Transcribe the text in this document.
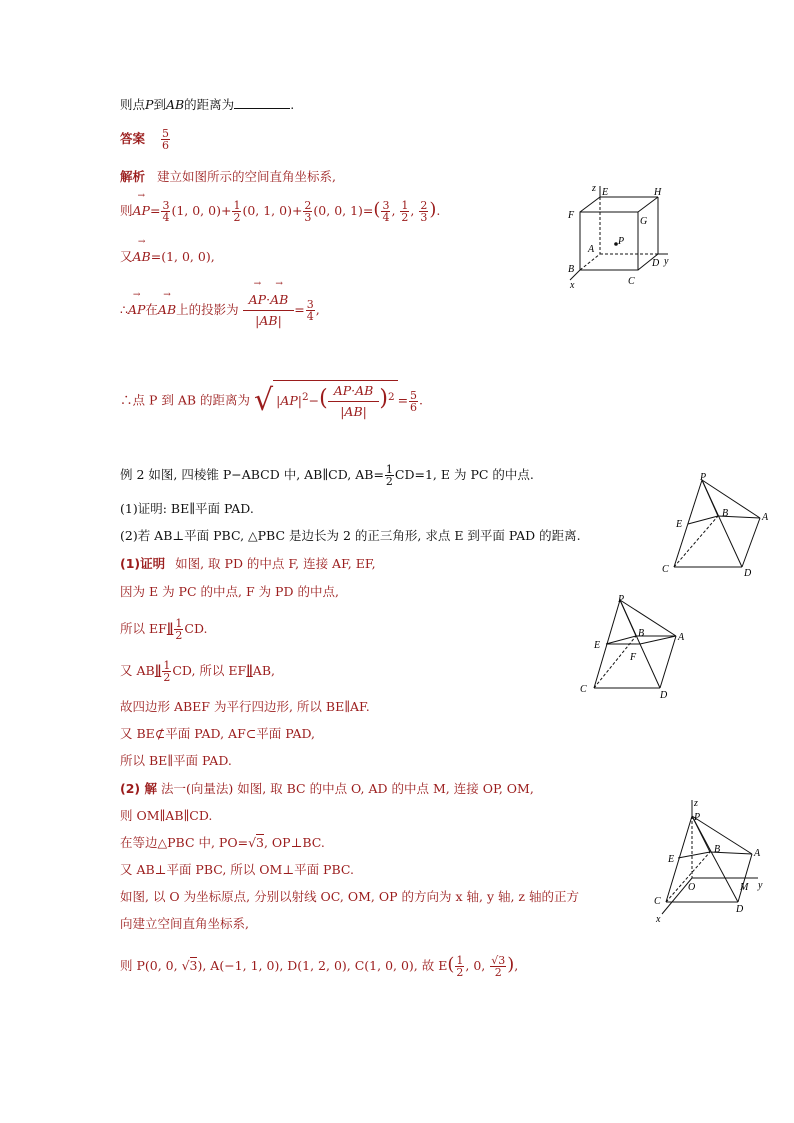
则点P到AB的距离为	.
答案 $\frac{5}{6}$
解析 建立如图所示的空间直角坐标系,
则→ $AP= \frac{3}{4} (1$, 0, $0)+ \frac{1}{2} (0$, 1, $0)+ \frac{2}{3} (0$, 0, $1)=( \frac{3}{4}$ , $\frac{1}{2}$ , $\frac{2}{3}$ ).
又→ AB=(1, 0, 0),
∴→ AP在→ AB上的投影为
→ $\frac{AP\cdot\to AB}{|AB|}= \frac{3}{4}$ ,
∴点 P 到 AB 的距离为 √ $|AP|^2-( \frac{AP\cdot AB}{|AB|})^2 = \frac{5}{6}$ .
例 2 如图, 四棱锥 P−ABCD 中, AB∥CD, $AB= \frac{1}{2} CD=1$, E 为 PC 的中点.
(1)证明: BE∥平面 PAD.
(2)若 AB⊥平面 PBC, △PBC 是边长为 2 的正三角形, 求点 E 到平面 PAD 的距离.
(1)证明 如图, 取 PD 的中点 F, 连接 AF, EF,
因为 E 为 PC 的中点, F 为 PD 的中点,
所以 EF∥ $\frac{1}{2}$ CD.
又 AB∥ $\frac{1}{2}$ CD, 所以 EF∥AB,
故四边形 ABEF 为平行四边形, 所以 BE∥AF.
又 BE⊄平面 PAD, AF⊂平面 PAD,
所以 BE∥平面 PAD.
(2) 解 法一(向量法) 如图, 取 BC 的中点 O, AD 的中点 M, 连接 OP, OM,
则 OM∥AB∥CD.
在等边△PBC 中, PO=√3, OP⊥BC.
又 AB⊥平面 PBC, 所以 OM⊥平面 PBC.
如图, 以 O 为坐标原点, 分别以射线 OC, OM, OP 的方向为 x 轴, y 轴, z 轴的正方
向建立空间直角坐标系,
则 P(0, 0, √3), A(−1, 1, 0), D(1, 2, 0), C(1, 0, 0), 故 $E( \frac{1}{2}$ , 0, $\frac{√3}{2}$ ),
z E	H
F
G
A
P
B
D y
C
x
P
B	A
E
C	D
P
B	A
E
F
C
D
z
P
B	A
E
O	M y
C
x
D
